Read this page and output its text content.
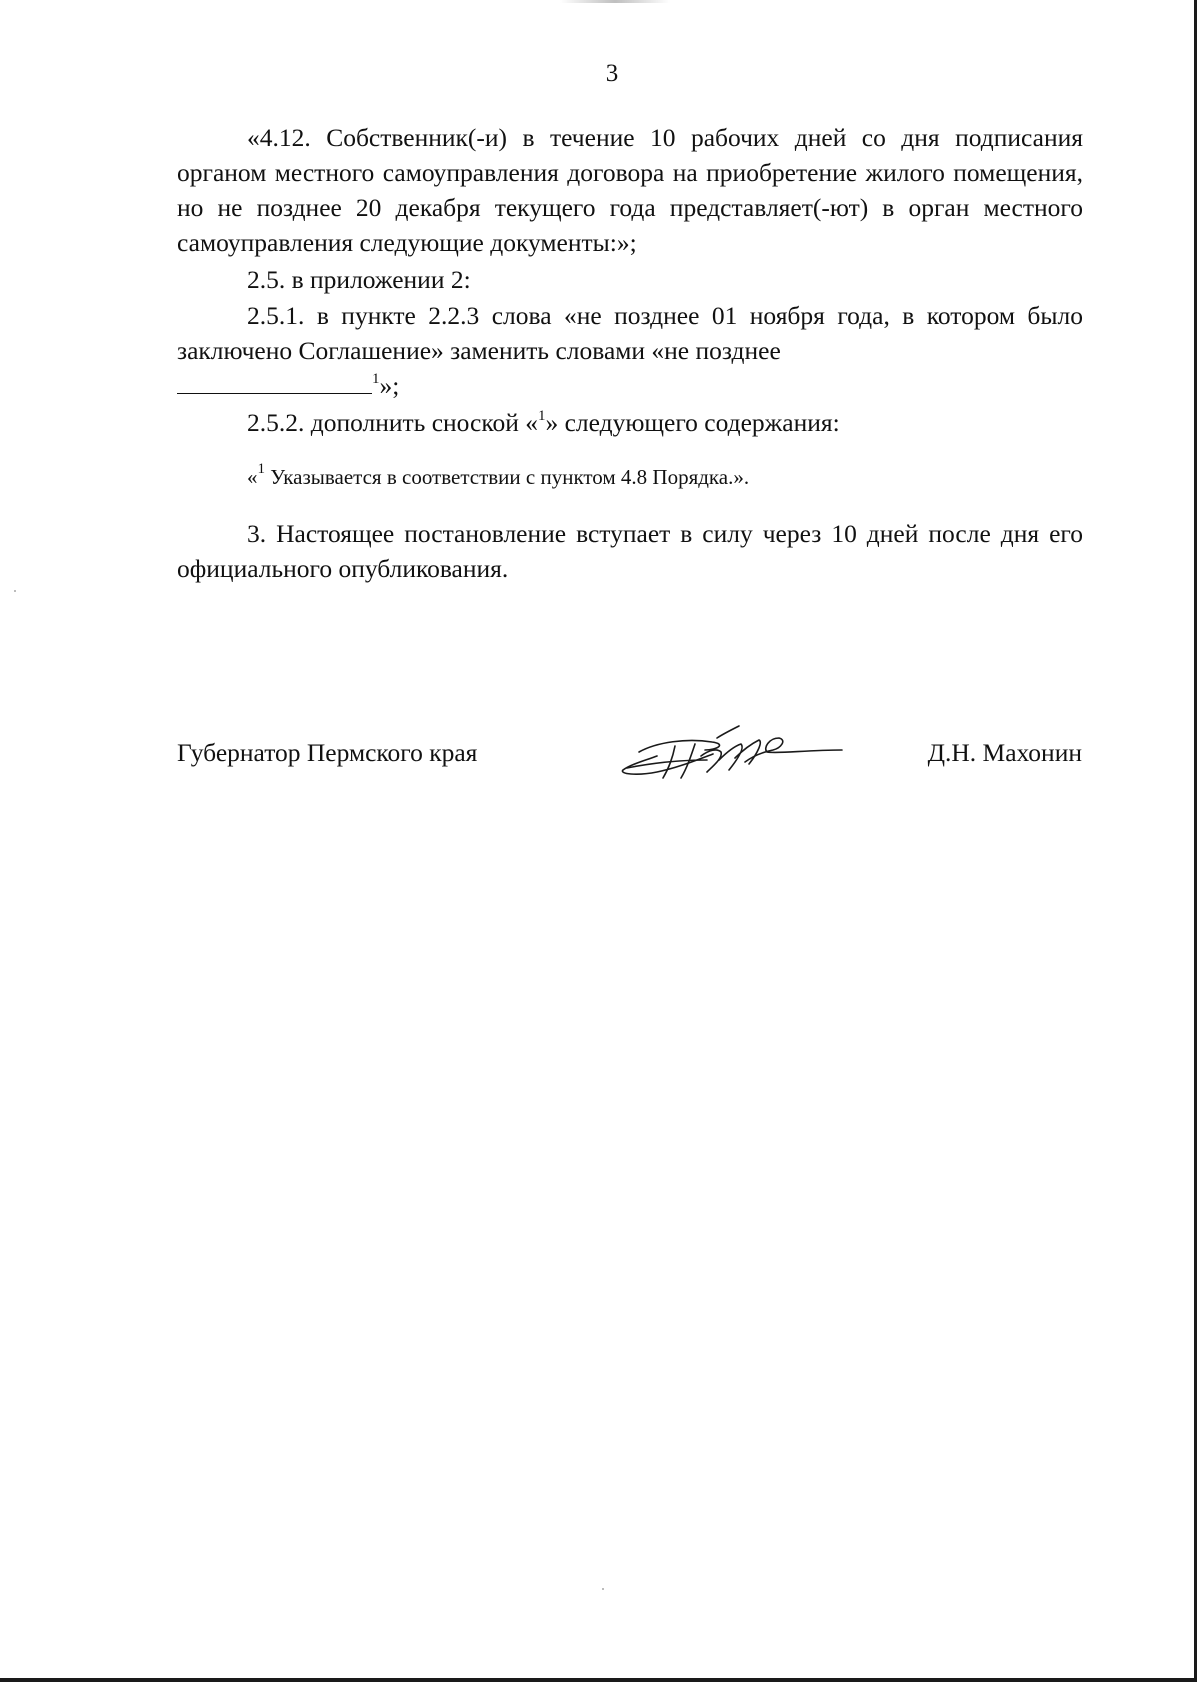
3

«4.12. Собственник(-и) в течение 10 рабочих дней со дня подписания органом местного самоуправления договора на приобретение жилого помещения, но не позднее 20 декабря текущего года представляет(-ют) в орган местного самоуправления следующие документы:»;

2.5. в приложении 2:

2.5.1. в пункте 2.2.3 слова «не позднее 01 ноября года, в котором было заключено Соглашение» заменить словами «не позднее
$^1$»;

2.5.2. дополнить сноской «$^1$» следующего содержания:

«$^1$ Указывается в соответствии с пунктом 4.8 Порядка.».

3. Настоящее постановление вступает в силу через 10 дней после дня его официального опубликования.

Губернатор Пермского края	Д.Н. Махонин
